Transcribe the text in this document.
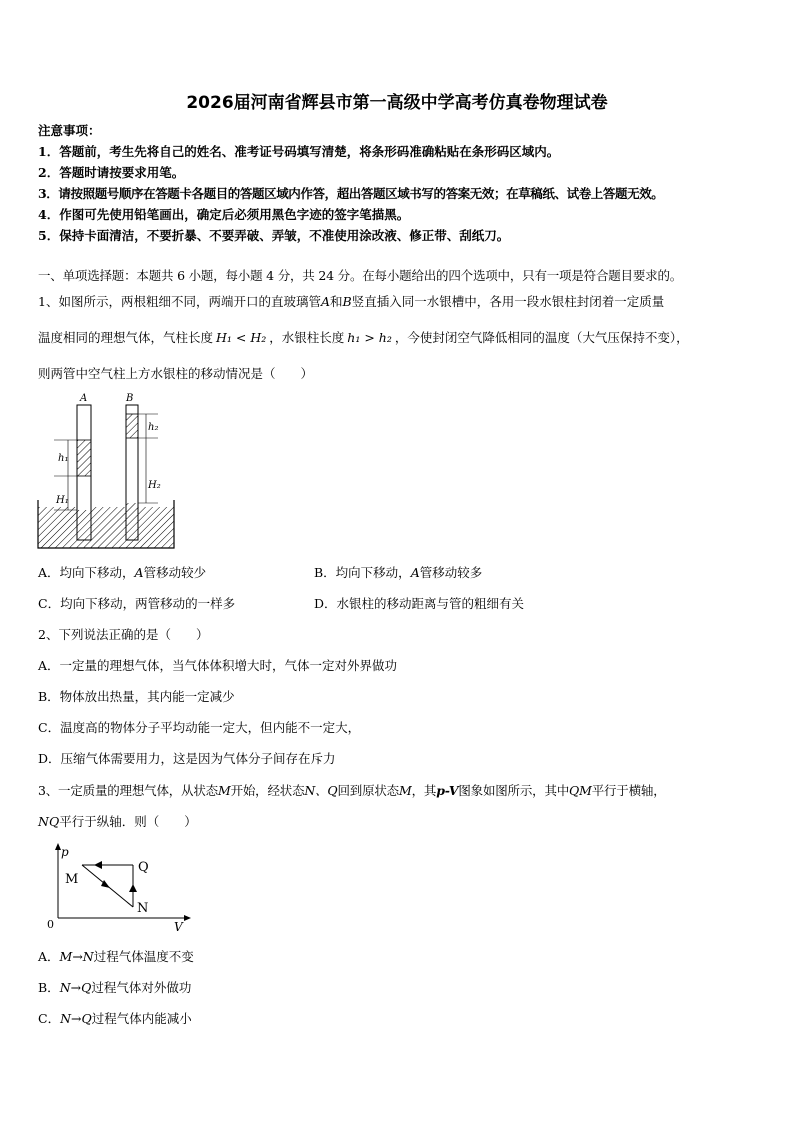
2026届河南省辉县市第一高级中学高考仿真卷物理试卷
注意事项：
1．答题前，考生先将自己的姓名、准考证号码填写清楚，将条形码准确粘贴在条形码区域内。
2．答题时请按要求用笔。
3．请按照题号顺序在答题卡各题目的答题区域内作答，超出答题区域书写的答案无效；在草稿纸、试卷上答题无效。
4．作图可先使用铅笔画出，确定后必须用黑色字迹的签字笔描黑。
5．保持卡面清洁，不要折暴、不要弄破、弄皱，不准使用涂改液、修正带、刮纸刀。
一、单项选择题：本题共 6 小题，每小题 4 分，共 24 分。在每小题给出的四个选项中，只有一项是符合题目要求的。
1、如图所示，两根粗细不同，两端开口的直玻璃管A和B竖直插入同一水银槽中，各用一段水银柱封闭着一定质量
温度相同的理想气体，气柱长度 H₁ < H₂ ，水银柱长度 h₁ > h₂ ，今使封闭空气降低相同的温度（大气压保持不变），
则两管中空气柱上方水银柱的移动情况是（　　）
A	B
h₁
H₁
h₂
H₂
A．均向下移动，A管移动较少	B．均向下移动，A管移动较多
C．均向下移动，两管移动的一样多	D．水银柱的移动距离与管的粗细有关
2、下列说法正确的是（　　）
A．一定量的理想气体，当气体体积增大时，气体一定对外界做功
B．物体放出热量，其内能一定减少
C．温度高的物体分子平均动能一定大，但内能不一定大，
D．压缩气体需要用力，这是因为气体分子间存在斥力
3、一定质量的理想气体，从状态M开始，经状态N、Q回到原状态M，其p-V图象如图所示，其中QM平行于横轴，
NQ平行于纵轴．则（　　）
p
V
0
M
Q
N
A．M→N过程气体温度不变
B．N→Q过程气体对外做功
C．N→Q过程气体内能减小
